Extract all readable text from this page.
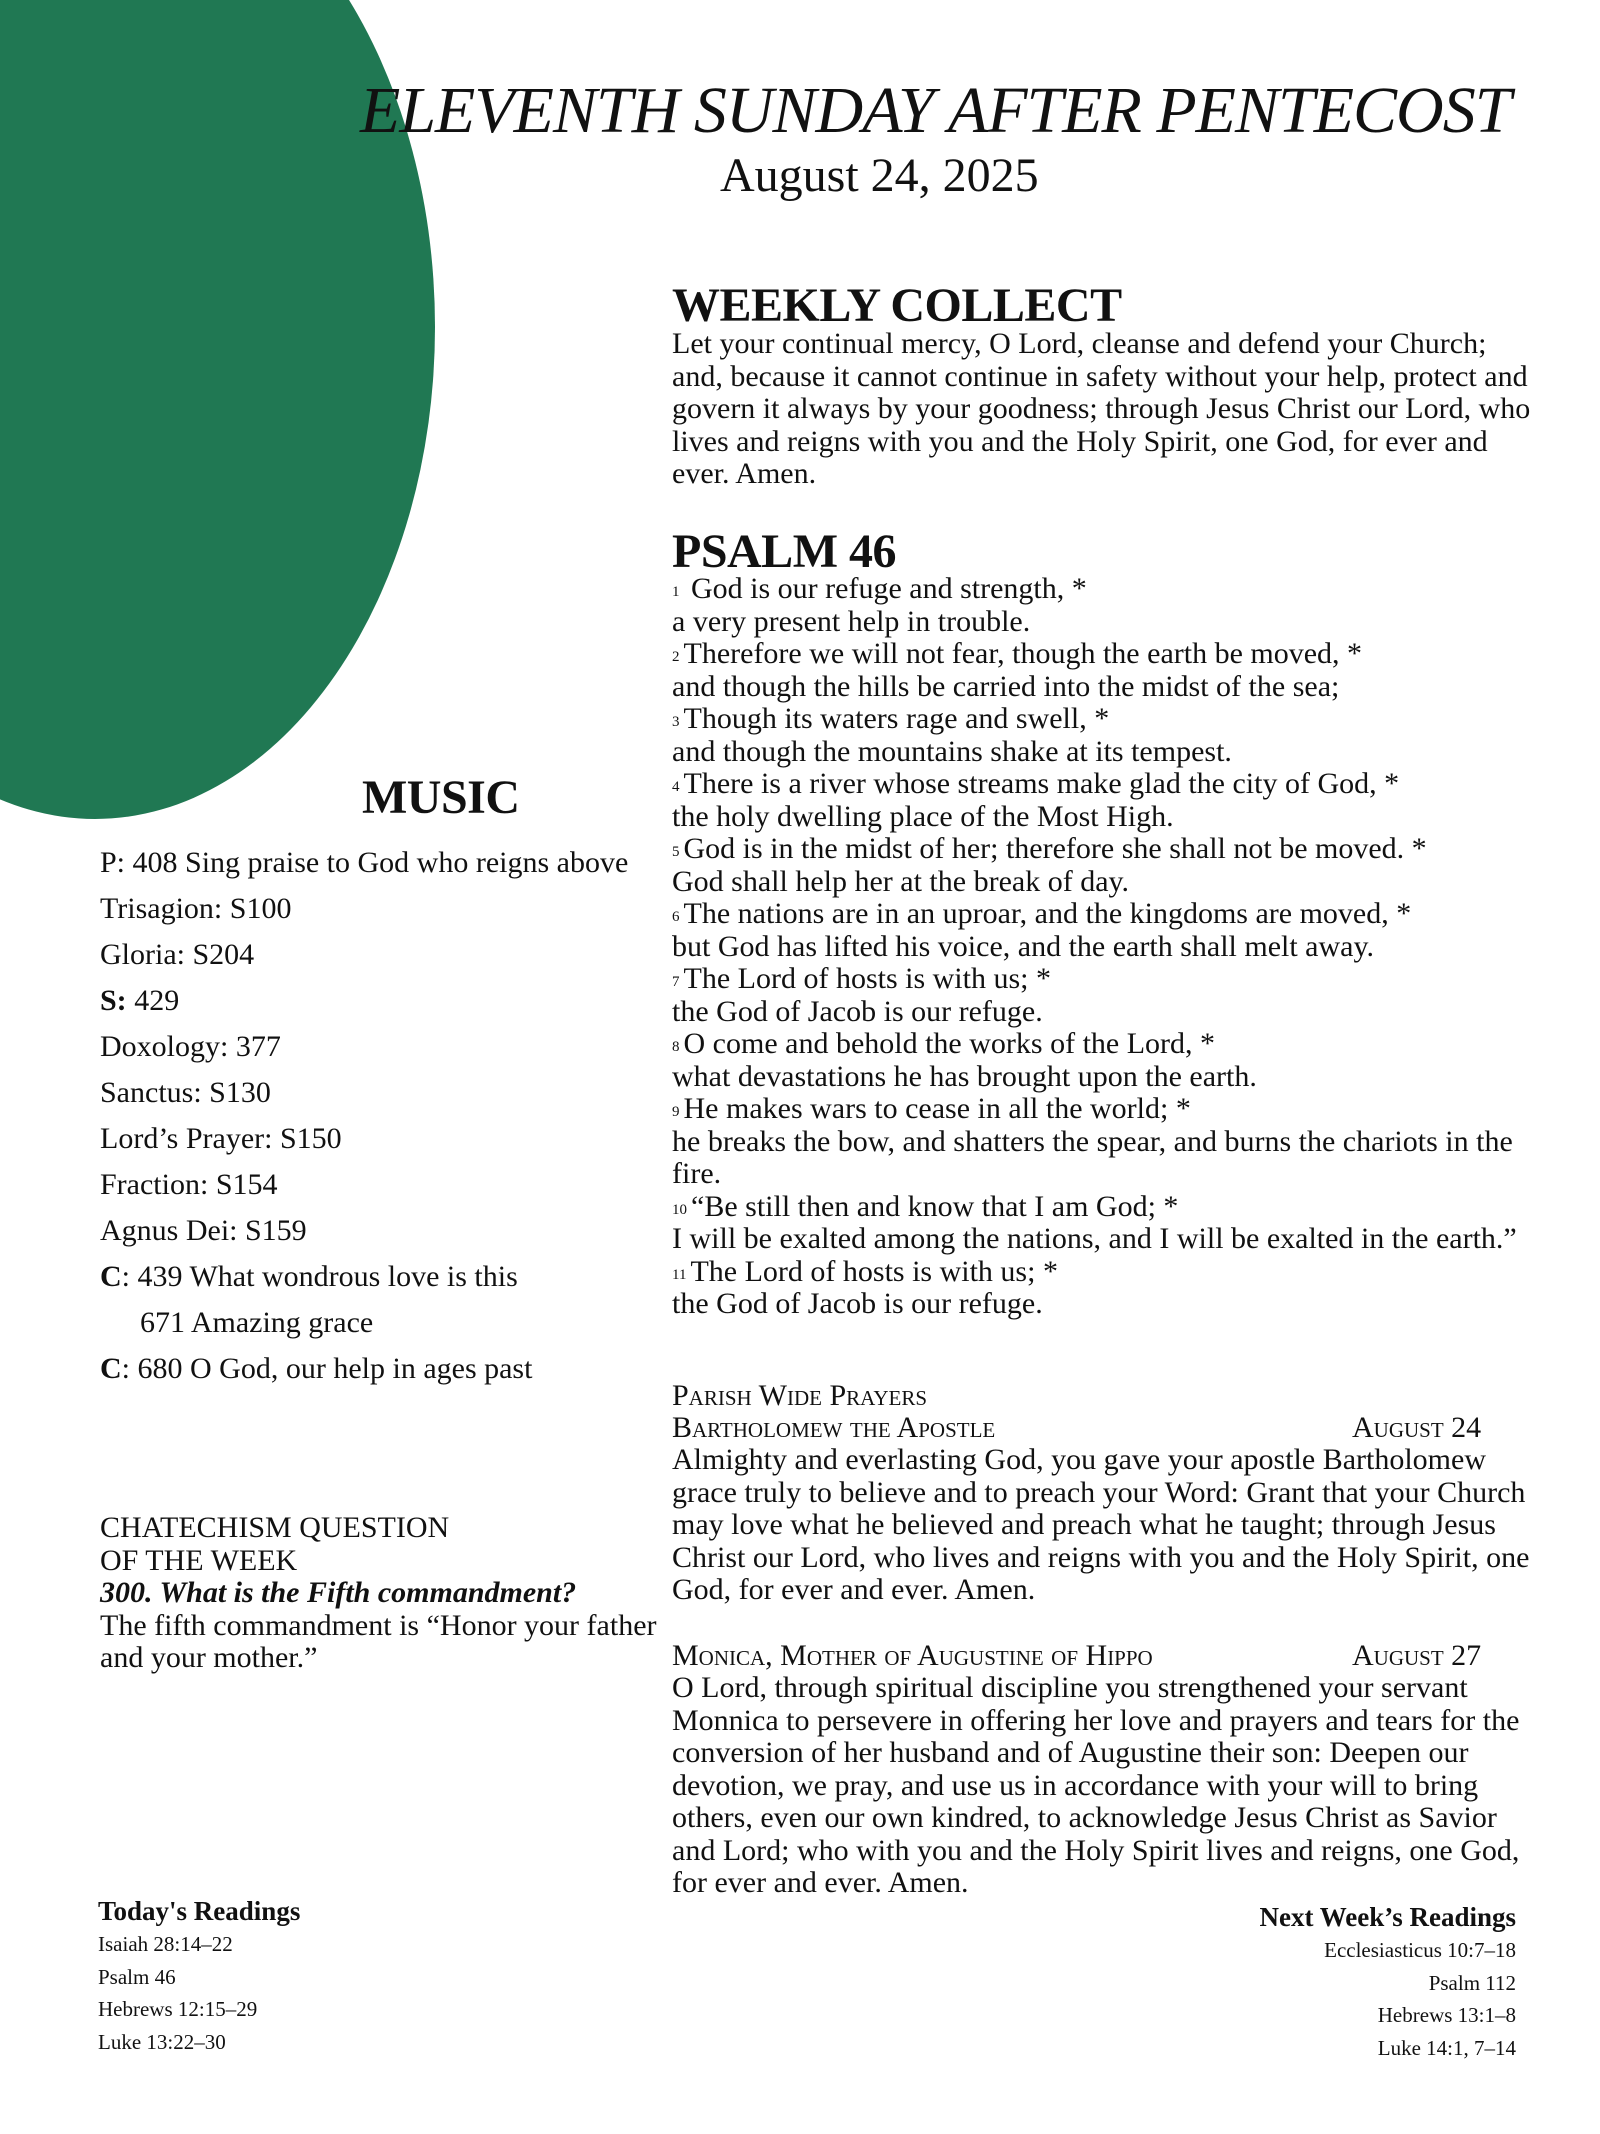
ELEVENTH SUNDAY AFTER PENTECOST
August 24, 2025
WEEKLY COLLECT

Let your continual mercy, O Lord, cleanse and defend your Church; and, because it cannot continue in safety without your help, protect and govern it always by your goodness; through Jesus Christ our Lord, who lives and reigns with you and the Holy Spirit, one God, for ever and ever. Amen.

PSALM 46

$^1$ God is our refuge and strength, *
a very present help in trouble.

$^2$ Therefore we will not fear, though the earth be moved, *
and though the hills be carried into the midst of the sea;

$^3$ Though its waters rage and swell, *
and though the mountains shake at its tempest.

$^4$ There is a river whose streams make glad the city of God, *
the holy dwelling place of the Most High.

$^5$ God is in the midst of her; therefore she shall not be moved. *
God shall help her at the break of day.

$^6$ The nations are in an uproar, and the kingdoms are moved, *
but God has lifted his voice, and the earth shall melt away.

$^7$ The Lord of hosts is with us; *
the God of Jacob is our refuge.

$^8$ O come and behold the works of the Lord, *
what devastations he has brought upon the earth.

$^9$ He makes wars to cease in all the world; *
he breaks the bow, and shatters the spear, and burns the chariots in the fire.

$^{10}$ “Be still then and know that I am God; *
I will be exalted among the nations, and I will be exalted in the earth.”

$^{11}$ The Lord of hosts is with us; *
the God of Jacob is our refuge.

Parish Wide Prayers
Bartholomew the Apostle	August 24

Almighty and everlasting God, you gave your apostle Bartholomew grace truly to believe and to preach your Word: Grant that your Church may love what he believed and preach what he taught; through Jesus Christ our Lord, who lives and reigns with you and the Holy Spirit, one God, for ever and ever. Amen.

Monica, Mother of Augustine of Hippo	August 27

O Lord, through spiritual discipline you strengthened your servant Monnica to persevere in offering her love and prayers and tears for the conversion of her husband and of Augustine their son: Deepen our devotion, we pray, and use us in accordance with your will to bring others, even our own kindred, to acknowledge Jesus Christ as Savior and Lord; who with you and the Holy Spirit lives and reigns, one God, for ever and ever. Amen.

MUSIC
P: 408 Sing praise to God who reigns above
Trisagion: S100
Gloria: S204
S: 429
Doxology: 377
Sanctus: S130
Lord’s Prayer: S150
Fraction: S154
Agnus Dei: S159
C: 439 What wondrous love is this
671 Amazing grace
C: 680 O God, our help in ages past
CHATECHISM QUESTION
OF THE WEEK
300. What is the Fifth commandment?
The fifth commandment is “Honor your father and your mother.”
Today's Readings
Isaiah 28:14–22
Psalm 46
Hebrews 12:15–29
Luke 13:22–30
Next Week’s Readings
Ecclesiasticus 10:7–18
Psalm 112
Hebrews 13:1–8
Luke 14:1, 7–14
